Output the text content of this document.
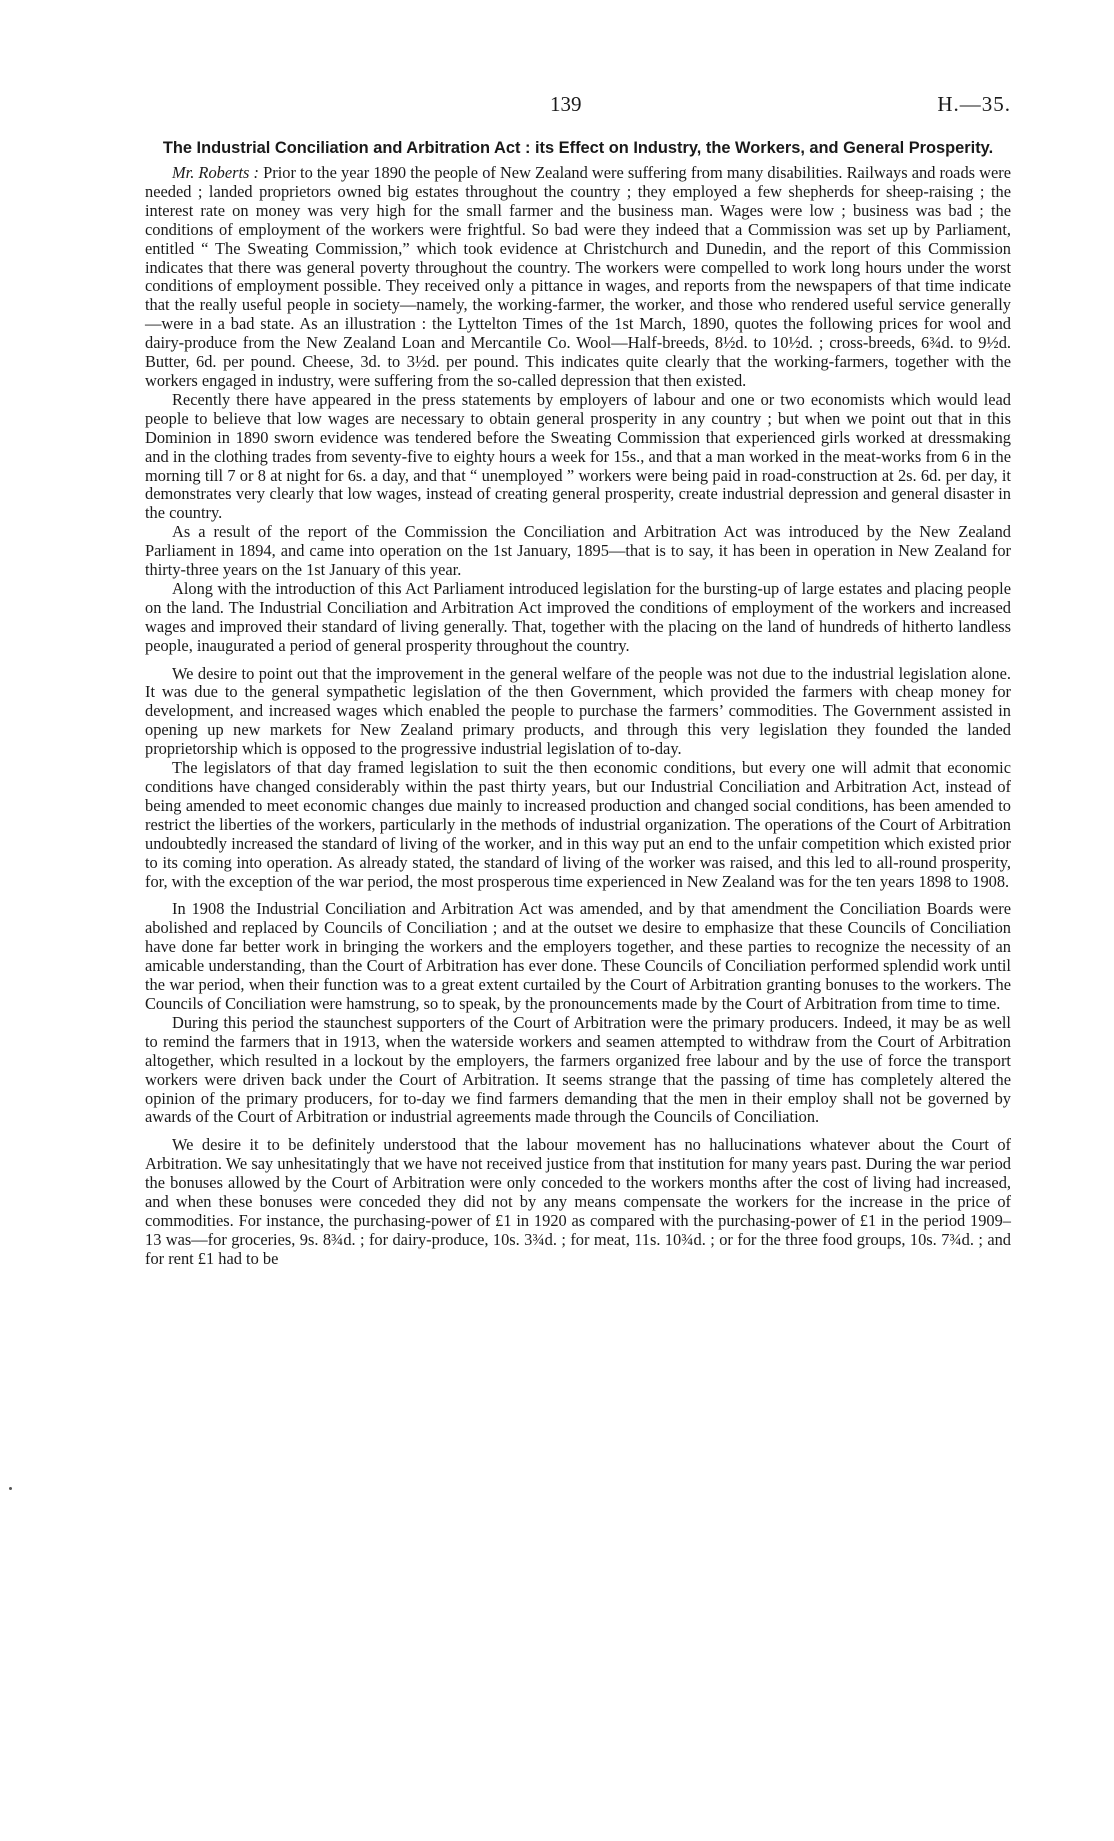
139	H.—35.
The Industrial Conciliation and Arbitration Act : its Effect on Industry, the Workers, and General Prosperity.

Mr. Roberts : Prior to the year 1890 the people of New Zealand were suffering from many disabilities. Railways and roads were needed ; landed proprietors owned big estates throughout the country ; they employed a few shepherds for sheep-raising ; the interest rate on money was very high for the small farmer and the business man. Wages were low ; business was bad ; the conditions of employment of the workers were frightful. So bad were they indeed that a Commission was set up by Parliament, entitled “ The Sweating Commission,” which took evidence at Christchurch and Dunedin, and the report of this Commission indicates that there was general poverty throughout the country. The workers were compelled to work long hours under the worst conditions of employment possible. They received only a pittance in wages, and reports from the newspapers of that time indicate that the really useful people in society—namely, the working-farmer, the worker, and those who rendered useful service generally—were in a bad state. As an illustration : the Lyttelton Times of the 1st March, 1890, quotes the following prices for wool and dairy-produce from the New Zealand Loan and Mercantile Co. Wool—Half-breeds, 8½d. to 10½d. ; cross-breeds, 6¾d. to 9½d. Butter, 6d. per pound. Cheese, 3d. to 3½d. per pound. This indicates quite clearly that the working-farmers, together with the workers engaged in industry, were suffering from the so-called depression that then existed.

Recently there have appeared in the press statements by employers of labour and one or two economists which would lead people to believe that low wages are necessary to obtain general prosperity in any country ; but when we point out that in this Dominion in 1890 sworn evidence was tendered before the Sweating Commission that experienced girls worked at dressmaking and in the clothing trades from seventy-five to eighty hours a week for 15s., and that a man worked in the meat-works from 6 in the morning till 7 or 8 at night for 6s. a day, and that “ unemployed ” workers were being paid in road-construction at 2s. 6d. per day, it demonstrates very clearly that low wages, instead of creating general prosperity, create industrial depression and general disaster in the country.

As a result of the report of the Commission the Conciliation and Arbitration Act was introduced by the New Zealand Parliament in 1894, and came into operation on the 1st January, 1895—that is to say, it has been in operation in New Zealand for thirty-three years on the 1st January of this year.

Along with the introduction of this Act Parliament introduced legislation for the bursting-up of large estates and placing people on the land. The Industrial Conciliation and Arbitration Act improved the conditions of employment of the workers and increased wages and improved their standard of living generally. That, together with the placing on the land of hundreds of hitherto landless people, inaugurated a period of general prosperity throughout the country.

We desire to point out that the improvement in the general welfare of the people was not due to the industrial legislation alone. It was due to the general sympathetic legislation of the then Government, which provided the farmers with cheap money for development, and increased wages which enabled the people to purchase the farmers’ commodities. The Government assisted in opening up new markets for New Zealand primary products, and through this very legislation they founded the landed proprietorship which is opposed to the progressive industrial legislation of to-day.

The legislators of that day framed legislation to suit the then economic conditions, but every one will admit that economic conditions have changed considerably within the past thirty years, but our Industrial Conciliation and Arbitration Act, instead of being amended to meet economic changes due mainly to increased production and changed social conditions, has been amended to restrict the liberties of the workers, particularly in the methods of industrial organization. The operations of the Court of Arbitration undoubtedly increased the standard of living of the worker, and in this way put an end to the unfair competition which existed prior to its coming into operation. As already stated, the standard of living of the worker was raised, and this led to all-round prosperity, for, with the exception of the war period, the most prosperous time experienced in New Zealand was for the ten years 1898 to 1908.

In 1908 the Industrial Conciliation and Arbitration Act was amended, and by that amendment the Conciliation Boards were abolished and replaced by Councils of Conciliation ; and at the outset we desire to emphasize that these Councils of Conciliation have done far better work in bringing the workers and the employers together, and these parties to recognize the necessity of an amicable understanding, than the Court of Arbitration has ever done. These Councils of Conciliation performed splendid work until the war period, when their function was to a great extent curtailed by the Court of Arbitration granting bonuses to the workers. The Councils of Conciliation were hamstrung, so to speak, by the pronouncements made by the Court of Arbitration from time to time.

During this period the staunchest supporters of the Court of Arbitration were the primary producers. Indeed, it may be as well to remind the farmers that in 1913, when the waterside workers and seamen attempted to withdraw from the Court of Arbitration altogether, which resulted in a lockout by the employers, the farmers organized free labour and by the use of force the transport workers were driven back under the Court of Arbitration. It seems strange that the passing of time has completely altered the opinion of the primary producers, for to-day we find farmers demanding that the men in their employ shall not be governed by awards of the Court of Arbitration or industrial agreements made through the Councils of Conciliation.

We desire it to be definitely understood that the labour movement has no hallucinations whatever about the Court of Arbitration. We say unhesitatingly that we have not received justice from that institution for many years past. During the war period the bonuses allowed by the Court of Arbitration were only conceded to the workers months after the cost of living had increased, and when these bonuses were conceded they did not by any means compensate the workers for the increase in the price of commodities. For instance, the purchasing-power of £1 in 1920 as compared with the purchasing-power of £1 in the period 1909–13 was—for groceries, 9s. 8¾d. ; for dairy-produce, 10s. 3¾d. ; for meat, 11s. 10¾d. ; or for the three food groups, 10s. 7¾d. ; and for rent £1 had to be
